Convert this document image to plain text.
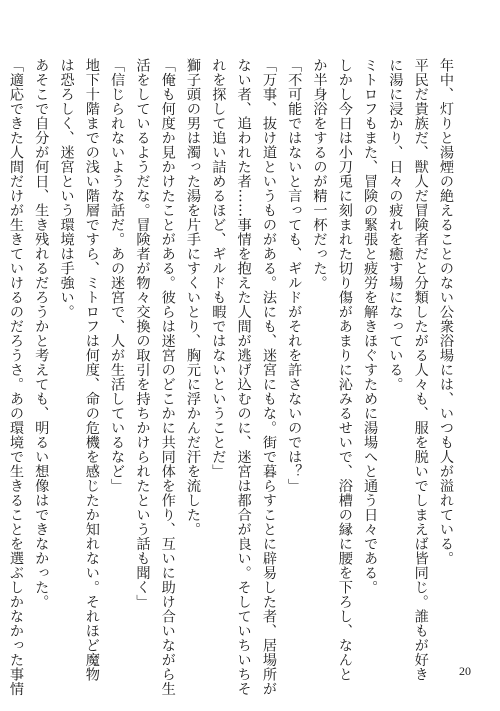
年中、灯りと湯煙の絶えることのない公衆浴場には、いつも人が溢れている。

平民だ貴族だ、獣人だ冒険者だと分類したがる人々も、服を脱いでしまえば皆同じ。誰もが好き

に湯に浸かり、日々の疲れを癒す場になっている。

ミトロフもまた、冒険の緊張と疲労を解きほぐすために湯場へと通う日々である。

しかし今日は小刀兎に刻まれた切り傷があまりに沁みるせいで、浴槽の縁に腰を下ろし、なんと

か半身浴をするのが精一杯だった。

「不可能ではないと言っても、ギルドがそれを許さないのでは？」

「万事、抜け道というものがある。法にも、迷宮にもな。街で暮らすことに辟易した者、居場所が

ない者、追われた者……事情を抱えた人間が逃げ込むのに、迷宮は都合が良い。そしていちいちそ

れを探して追い詰めるほど、ギルドも暇ではないということだ」

獅子頭の男は濁った湯を片手にすくいとり、胸元に浮かんだ汗を流した。

「俺も何度か見かけたことがある。彼らは迷宮のどこかに共同体を作り、互いに助け合いながら生

活をしているようだな。冒険者が物々交換の取引を持ちかけられたという話も聞く」

「信じられないような話だ。あの迷宮で、人が生活しているなど」

地下十階までの浅い階層ですら、ミトロフは何度、命の危機を感じたか知れない。それほど魔物

は恐ろしく、迷宮という環境は手強い。

あそこで自分が何日、生き残れるだろうかと考えても、明るい想像はできなかった。

「適応できた人間だけが生きていけるのだろうさ。あの環境で生きることを選ぶしかなかった事情	20
